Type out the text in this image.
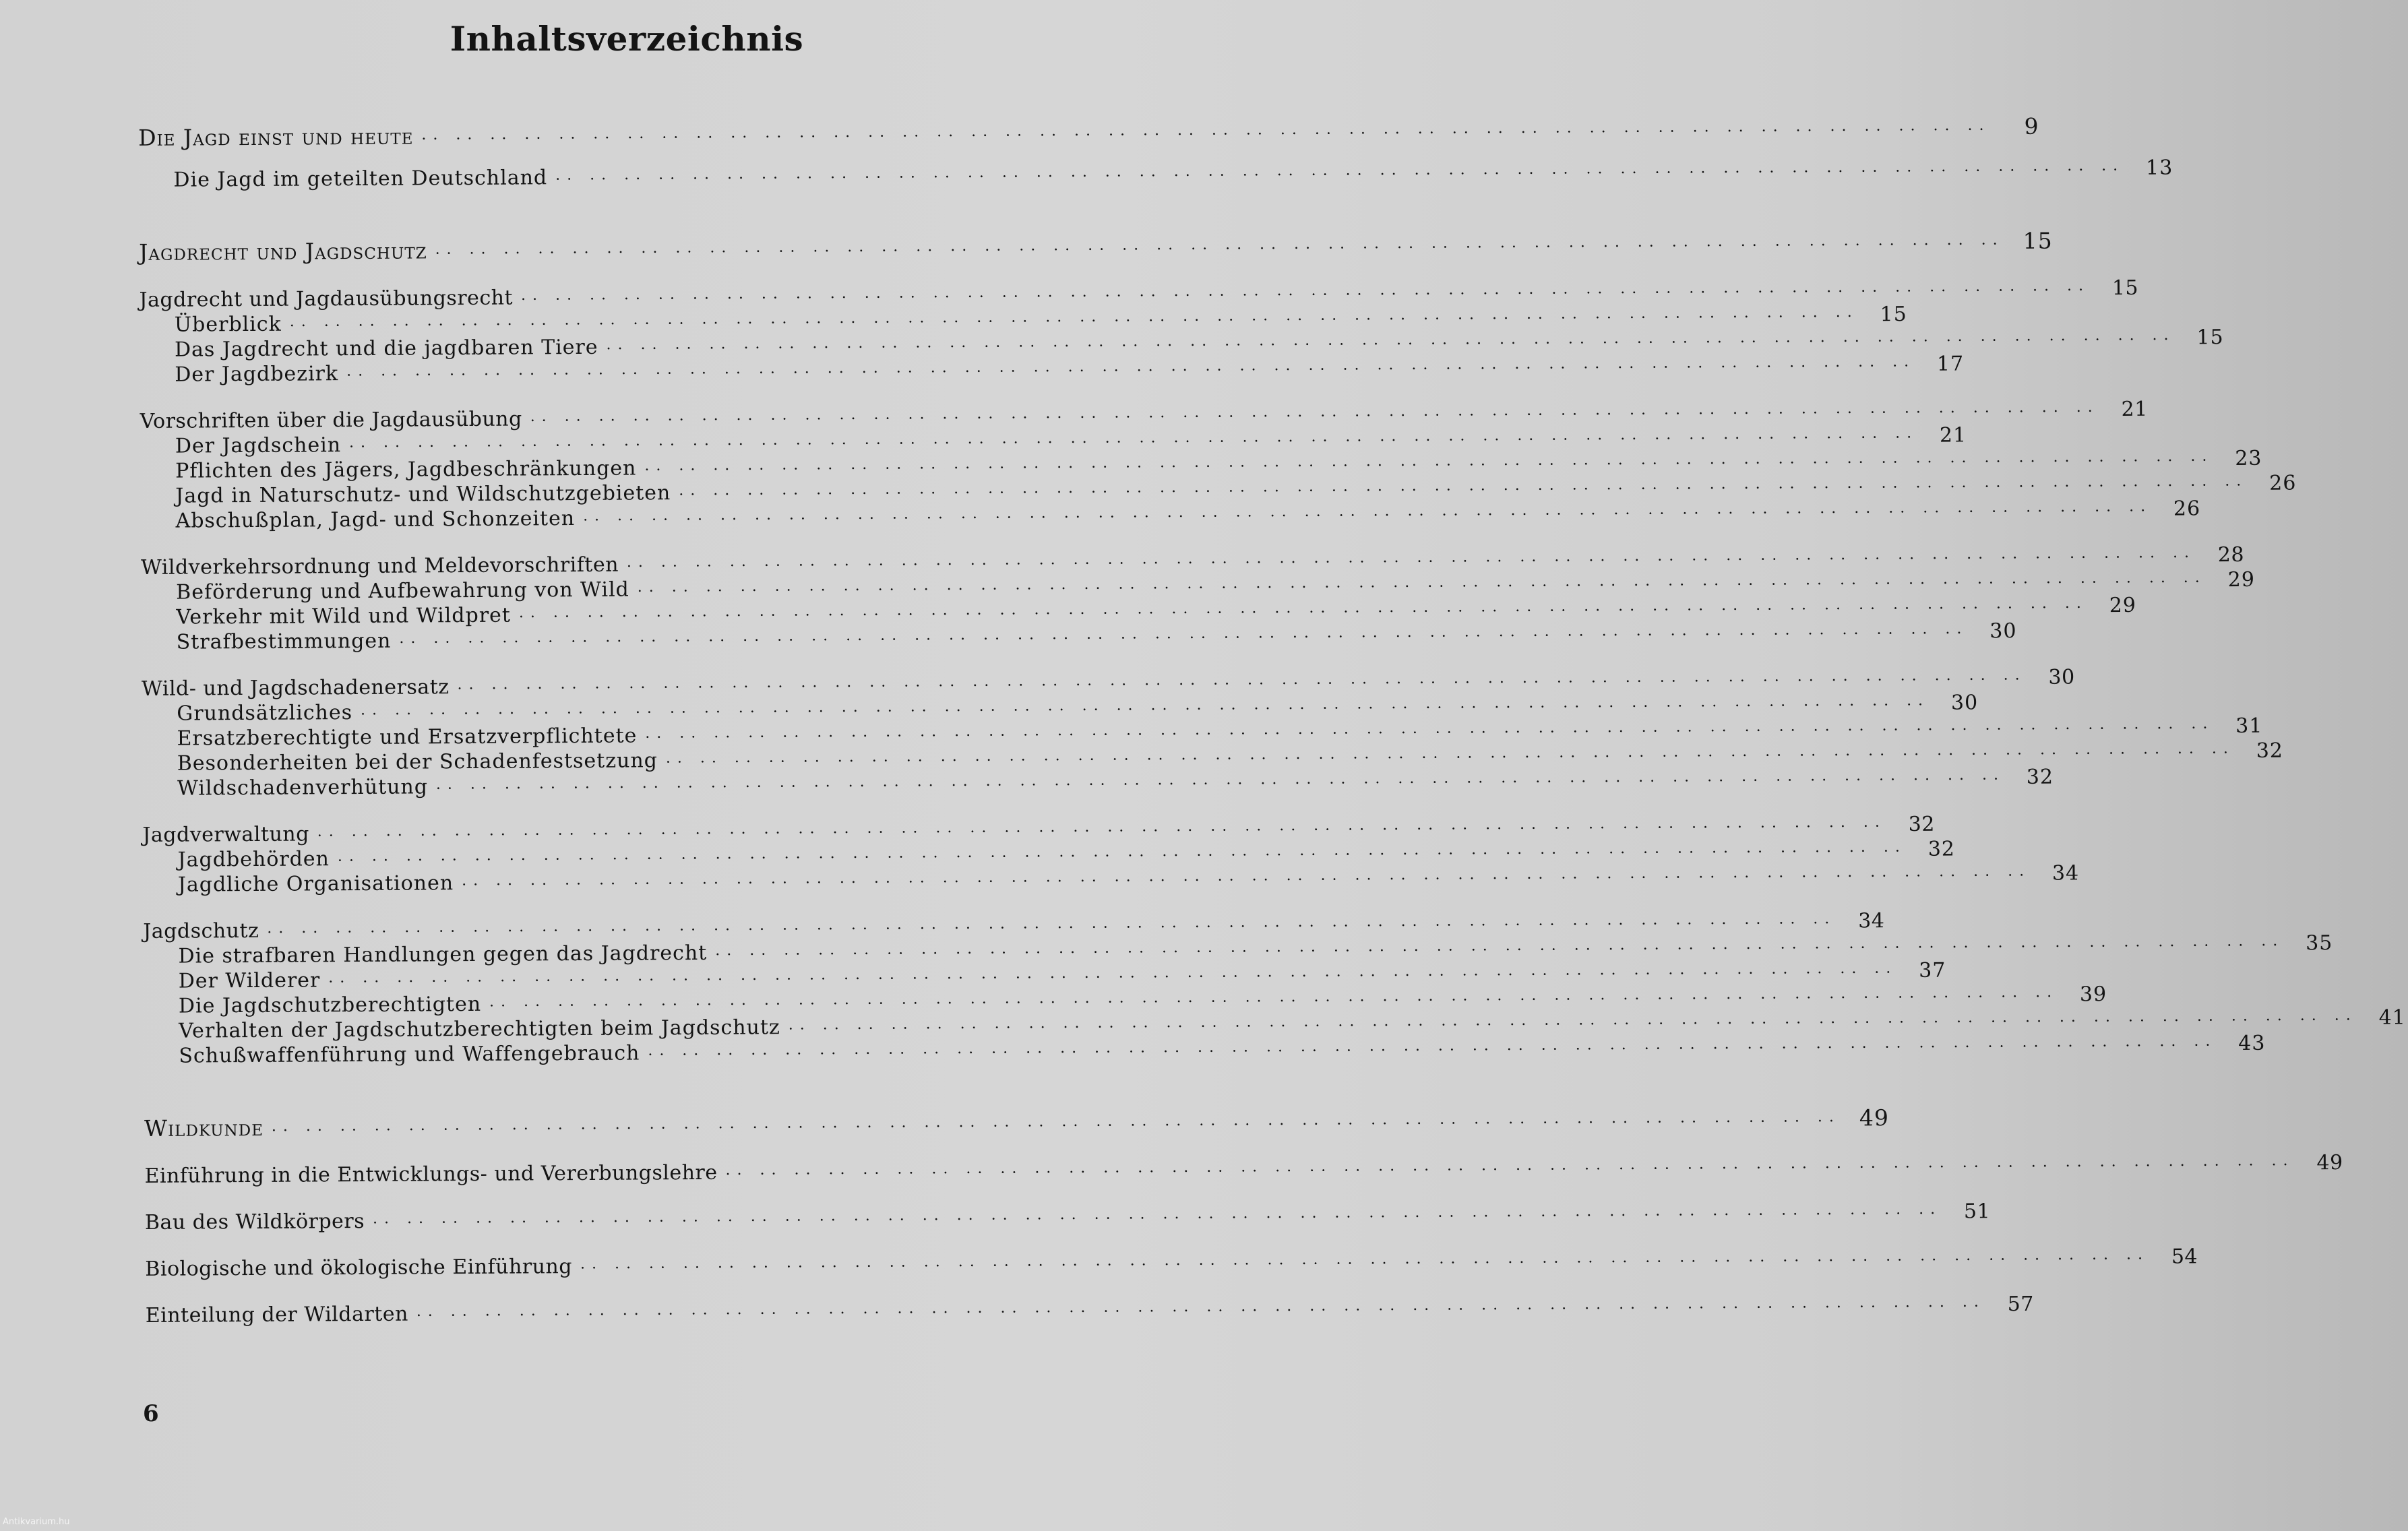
Inhaltsverzeichnis
Die Jagd einst und heute ·· ··	9
Die Jagd im geteilten Deutschland ·· ··	13
Jagdrecht und Jagdschutz ·· ··	15
Jagdrecht und Jagdausübungsrecht ·· ··	15
Überblick ·· ··	15
Das Jagdrecht und die jagdbaren Tiere ·· ··	15
Der Jagdbezirk ·· ··	17
Vorschriften über die Jagdausübung ·· ··	21
Der Jagdschein ·· ··	21
Pflichten des Jägers, Jagdbeschränkungen ·· ··	23
Jagd in Naturschutz- und Wildschutzgebieten ·· ··	26
Abschußplan, Jagd- und Schonzeiten ·· ··	26
Wildverkehrsordnung und Meldevorschriften ·· ··	28
Beförderung und Aufbewahrung von Wild ·· ··	29
Verkehr mit Wild und Wildpret ·· ··	29
Strafbestimmungen ·· ··	30
Wild- und Jagdschadenersatz ·· ··	30
Grundsätzliches ·· ··	30
Ersatzberechtigte und Ersatzverpflichtete ·· ··	31
Besonderheiten bei der Schadenfestsetzung ·· ··	32
Wildschadenverhütung ·· ··	32
Jagdverwaltung ·· ··	32
Jagdbehörden ·· ··	32
Jagdliche Organisationen ·· ··	34
Jagdschutz ·· ··	34
Die strafbaren Handlungen gegen das Jagdrecht ·· ··	35
Der Wilderer ·· ··	37
Die Jagdschutzberechtigten ·· ··	39
Verhalten der Jagdschutzberechtigten beim Jagdschutz ·· ··	41
Schußwaffenführung und Waffengebrauch ·· ··	43
Wildkunde ·· ··	49
Einführung in die Entwicklungs- und Vererbungslehre ·· ··	49
Bau des Wildkörpers ·· ··	51
Biologische und ökologische Einführung ·· ··	54
Einteilung der Wildarten ·· ··	57
6
Antikvarium.hu
